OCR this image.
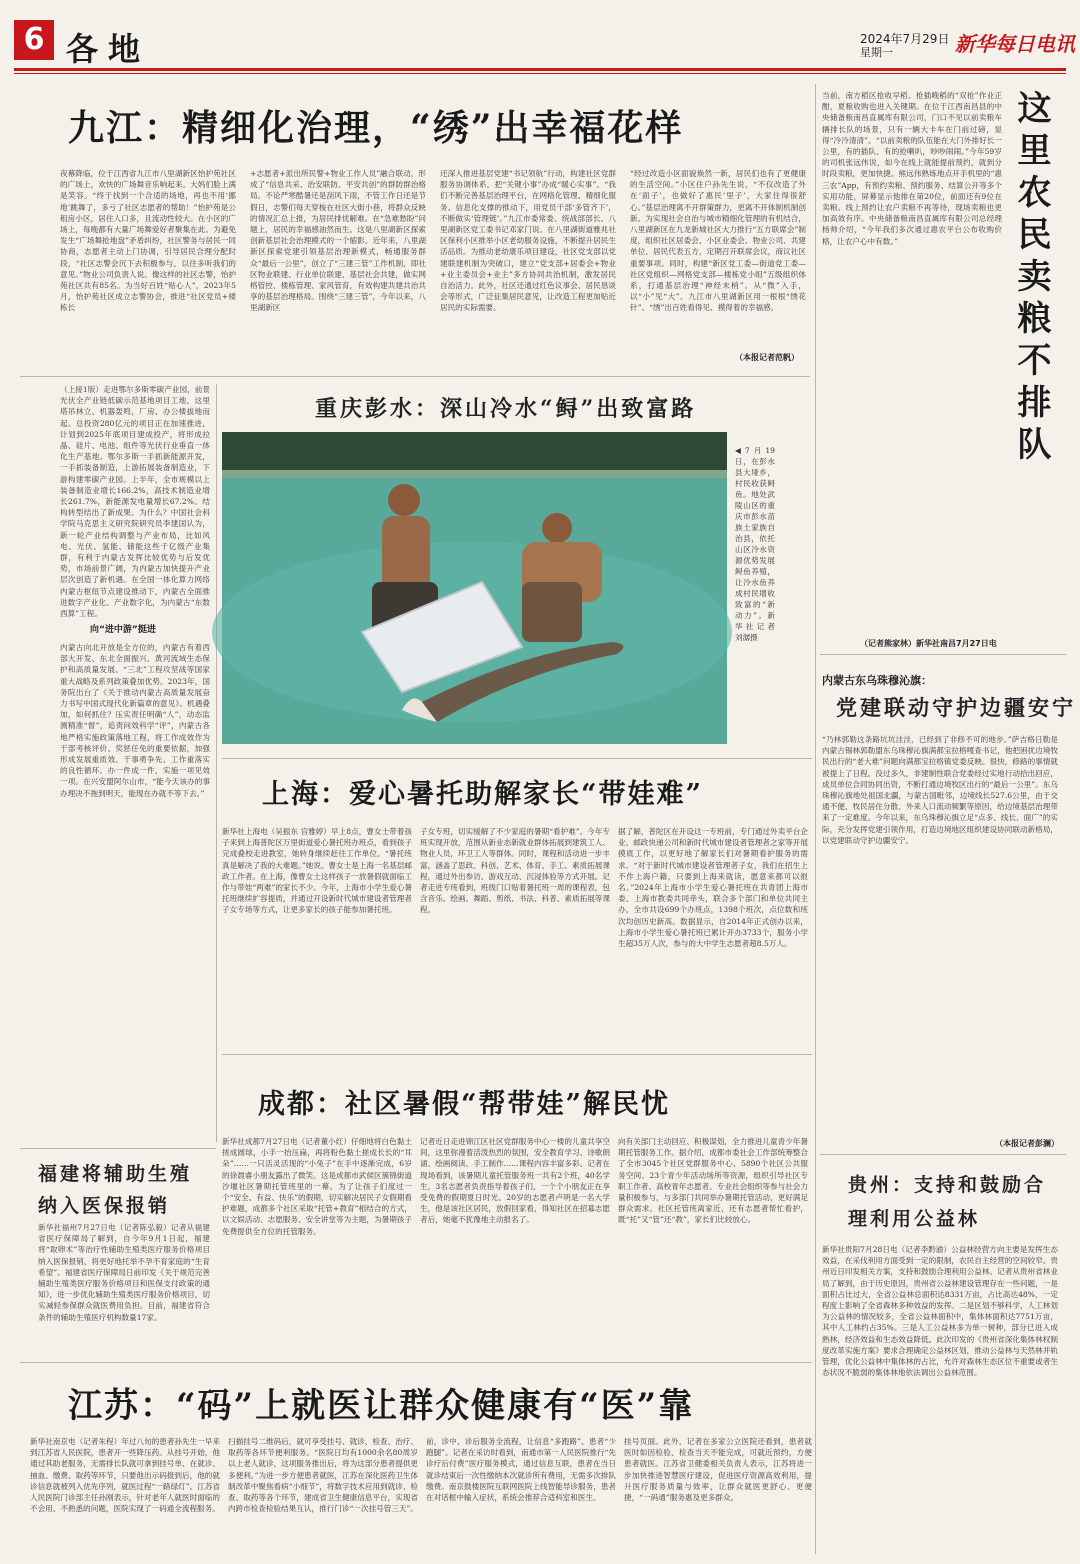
6 各地	2024年7月29日
星期一	新华每日电讯
九江：精细化治理，“绣”出幸福花样
夜幕降临，位于江西省九江市八里湖新区怡护苑社区的广场上，欢快的广场舞音乐响起来。大妈们脸上满是笑容。“终于找到一个合适的场地，再也不用‘挪地’跳舞了，多亏了社区志愿者的帮助！”怡护苑是公租房小区，居住人口多，且流动性较大。在小区的广场上，每晚都有大量广场舞爱好者聚集在此。为避免发生“广场舞抢地盘”矛盾纠纷，社区警务与居民一同协商，志愿者主动上门协调，引导居民合理分配时段，“社区志警会沉下去积极参与，以往多听我们的意见。”物业公司负责人说。像这样的社区志警，怡护苑社区共有85名。为当好百姓“贴心人”，2023年5月，怡护苑社区成立志警协会，推进“社区党员+楼栋长
+志愿者+派出所民警+物业工作人员”融合联动，形成了“信息共采、治安联防、平安共创”的群防群治格局。不论严寒酷暑还是刮风下雨，不管工作日还是节假日，志警们每天穿梭在社区大街小巷，将群众反映的情况汇总上报，为居民排忧解难。在“急难愁盼”问题上，居民的幸福感油然而生。这是八里湖新区探索创新基层社会治理模式的一个缩影。近年来，八里湖新区探索党建引领基层治理新模式，畅通服务群众“最后一公里”，创立了“三建三管”工作机制，即社区物业联建、行业单位联建、基层社会共建，做实网格管控、楼栋管理、家风管育，有效构建共建共治共享的基层治理格局。围绕“三建三管”，今年以来，八里湖新区
还深入推进基层党建“书记领航”行动，构建社区党群服务协调体系，把“关键小事”办成“暖心实事”。“我们不断完善基层治理平台，在网格化管理、精细化服务、信息化支撑的推动下，用党员干部‘多管齐下’，不断做实‘管理链’。”九江市委常委、统战部部长、八里湖新区党工委书记邓家门说。在八里湖街道雅兆社区保利小区推举小区老幼服务设施，不断提升居民生活品质。为推动老幼康乐项目建设，社区党支部以党建联建机制为突破口，建立“党支部+居委会+物业+业主委员会+业主”多方协同共治机制，激发居民自治活力。此外，社区还通过红色议事会、居民恳谈会等形式，广泛征集居民意见，让改造工程更加贴近居民的实际需要。
“经过改造小区面貌焕然一新，居民们也有了更健康的生活空间。”小区住户孙先生说，“不仅改造了外在‘面子’，也做好了惠民‘里子’，大家住得很舒心。”基层治理离不开群策群力，更离不开体制机制创新。为实现社会自治与城市精细化管理的有机结合，八里湖新区在九龙新城社区大力推行“五方联席会”制度，组织社区居委会、小区业委会、物业公司、共建单位、居民代表五方，定期召开联席会议，商议社区重要事项。同时，构建“新区党工委—街道党工委—社区党组织—网格党支部—楼栋党小组”五级组织体系，打通基层治理“神经末梢”。从“微”入手，以“小”见“大”。九江市八里湖新区用一根根“绣花针”、“绣”出百姓看得见、摸得着的幸福感。
（本报记者范帆）
（上接1版）走进鄂尔多斯零碳产业园，前景光伏全产业链低碳示范基地项目工地，这里塔吊林立、机器轰鸣，厂房、办公楼拔地而起。总投资280亿元的项目正在加速推进，计划到2025年底项目建成投产，将形成拉晶、硅片、电池、组件等光伏行业垂直一体化生产基地。鄂尔多斯一手抓新能源开发，一手抓装备制造，上游拓展装备制造业，下游构建零碳产业园。上半年，全市规模以上装备制造业增长166.2%，高技术制造业增长261.7%，新能源发电量增长67.2%。结构转型结出了新成果。为什么？中国社会科学院马克思主义研究院研究员李建国认为，新一轮产业结构调整与产业布局，比如风电、光伏、氢能、储能这些千亿级产业集群，有利于内蒙古发挥比较优势与后发优势，市场前景广阔，为内蒙古加快提升产业层次创造了新机遇。在全国一体化算力网络内蒙古枢纽节点建设推动下，内蒙古全面推进数字产业化、产业数字化，为内蒙古“东数西算”工程。
向“进中游”挺进
内蒙古向北开放是全方位的，内蒙古有着西部大开发、东北全面振兴、黄河流域生态保护和高质量发展、“三北”工程攻坚战等国家重大战略及系列政策叠加优势。2023年，国务院出台了《关于推动内蒙古高质量发展奋力书写中国式现代化新篇章的意见》。机遇叠加，如何抓住？压实责任明确“人”，动态监测精准“督”，追责问效科学“评”，内蒙古各地严格实施政策落地工程，将工作成效作为干部考核评价、奖惩任免的重要依据，加强形成发展重质效、干事勇争先、工作重落实的良性循环。办一件成一件，实施一项见效一项。在兴安盟阿尔山市，“能今天该办的事办理决不拖到明天，能现在办就不等下去。”
重庆彭水：深山冷水“鲟”出致富路
◀7月19日，在彭水县大垭乡，村民收获鲟鱼。地处武陵山区的重庆市彭水苗族土家族自治县，依托山区冷水资源优势发展鲟鱼养殖，让冷水鱼养成村民增收致富的“新动力”。新华社记者 刘潺摄
上海：爱心暑托助解家长“带娃难”
新华社上海电（吴振东 宫雅婷）早上8点，曹女士带着孩子来到上海普陀区万里街道爱心暑托班办班点，看到孩子完成叠校走进教室，她转身继续赶往工作单位。“暑托班真是解决了我的大难题。”她说。曹女士是上海一名基层邮政工作者。在上海，像曹女士这样孩子一放暑假就面临工作与带娃“两难”的家长不少。今年，上海市小学生爱心暑托班继续扩容提质，并通过开设新时代城市建设者管理者子女专场等方式，让更多家长的孩子能参加暑托班。
子女专班，切实缓解了不少家庭的暑期“看护难”。今年专班实现开放，范围从新业态新就业群体拓展到建筑工人、物业人员，环卫工人等群体。同时，课程和活动进一步丰富，涵盖了思政、科创、艺术、体育、手工、素质拓展课程，通过外出参访、游戏互动、沉浸体验等方式开展。记者走进专班看到，班级门口贴着暑托班一周的课程表，包含音乐、绘画、舞蹈、剪纸、书法、科普、素质拓展等课程。
据了解，普陀区在开设这一专班前，专门通过外卖平台企业、邮政快递公司和新时代城市建设者管理者之家等开展摸底工作，以更好地了解家长们对暑期看护服务的需求。“对于新时代城市建设者管理者子女，我们在招生上不作上海户籍，只要到上海来就读，愿意来都可以报名。”2024年上海市小学生爱心暑托班在共青团上海市委、上海市教委共同牵头，联合多个部门和单位共同主办，全市共设699个办班点，1398个班次，点位数和班次均创历史新高。数据显示，自2014年正式创办以来，上海市小学生爱心暑托班已累计开办3733个，服务小学生超35万人次，参与的大中学生志愿者超8.5万人。
成都：社区暑假“帮带娃”解民忧
新华社成都7月27日电（记者董小红）仔细地将白色黏土搓成圆球，小手一抬压扁，再将粉色黏土搓成长长的“耳朵”……一只活灵活现的“小兔子”在手中逐渐完成，6岁的徐晨睿小朋友露出了微笑。这是成都市武侯区簇锦街道沙堰社区暑期托管班里的一幕。为了让孩子们度过一个“安全、有益、快乐”的假期，切实解决居民子女假期看护难题，成都多个社区采取“托管+教育”相结合的方式，以文娱活动、志愿服务、安全讲堂等为主题，为暑期孩子免费提供全方位的托管服务。
记者近日走进锦江区社区党群服务中心一楼的儿童共享空间，这里弥漫着活泼热烈的氛围，安全教育学习、诗歌朗诵、绘画阅读、手工制作……课程内容丰富多彩。记者在现场看到，该暑期儿童托管服务班一共有2个班，40名学生，3名志愿者负责指导着孩子们，一个个小朋友正在享受免费的假期夏日时光。20岁的志愿者卢明是一名大学生，他是该社区居民，放假回家看，得知社区在招募志愿者后，她毫不犹豫地主动报名了。
向有关部门主动回应、积极谋划，全力推进儿童青少年暑期托管服务工作。据介绍，成都市委社会工作部统筹整合了全市3045个社区党群服务中心、5890个社区公共服务空间、23个青少年活动场所等资源，组织引导社区专职工作者、高校青年志愿者、专业社会组织等参与社会力量积极参与，与多部门共同举办暑期托管活动，更好满足群众需求。社区托管班离家近，还有志愿者帮忙看护，既“托”又“管”还“教”，家长们比较放心。
福建将辅助生殖纳入医保报销
新华社福州7月27日电（记者陈弘毅）记者从福建省医疗保障局了解到，自今年9月1日起，福建将“取卵术”等治疗性辅助生殖类医疗服务价格项目纳入医保报销，将更好地托举不孕不育家庭的“生育希望”。福建省医疗保障局日前印发《关于规范完善辅助生殖类医疗服务价格项目和医保支付政策的通知》，进一步优化辅助生殖类医疗服务价格项目，切实减轻参保群众就医费用负担。目前，福建省符合条件的辅助生殖医疗机构数量17家。
江苏：“码”上就医让群众健康有“医”靠
新华社南京电（记者朱程）年过八旬的患者孙先生一早来到江苏省人民医院，患者开一些降压药。从挂号开始，他通过其助老服务，无需排长队就可拿到挂号单、在就诊、抽血、缴费、取药等环节，只要他出示码报到后，他的就诊信息就被列入优先序列，就医过程“一路绿灯”。江苏省人民医院门诊部主任孙刚表示，针对老年人就医时面临的不会用、不熟悉的问题，医院实现了一码通全流程服务。
扫描挂号二维码后，就可享受挂号、就诊、检查、治疗、取药等各环节便利服务。“医院日均有1000余名80周岁以上老人就诊，这项服务推出后，将为这部分患者提供更多便利。”为进一步方便患者就医，江苏在深化医药卫生体制改革中聚焦看病“小细节”，将数字技术应用到就诊、检查、取药等各个环节，建成省卫生健康信息平台，实现省内跨市检查检验结果互认，推行门诊“一次挂号管三天”。
前，诊中、诊后服务全流程，让信息“多跑路”、患者“少跑腿”。记者在采访时看到，南通市第一人民医院推行“先诊疗后付费”医疗服务模式，通过信息互联，患者在当日就诊结束后一次性缴纳本次就诊所有费用，无需多次排队缴费。南京鼓楼医院互联网医院上线智能导诊服务，患者在对话框中输入症状，系统会推荐合适科室和医生。
挂号页面。此外，记者在多家公立医院还看到，患者就医时如因检验、检查当天不能完成，可就近预约，方便患者就医。江苏省卫健委相关负责人表示，江苏将进一步加快推进智慧医疗建设，促进医疗资源高效利用，提升医疗服务质量与效率，让群众就医更舒心、更便捷，“一码通”服务惠及更多群众。
这里农民卖粮不排队
当前，南方稻区抢收早稻、抢插晚稻的“双抢”作业正酣，夏粮收购也进入关键期。在位于江西南昌县的中央储备粮南昌直属库有限公司，门口不见以前卖粮车辆排长队的场景，只有一辆大卡车在门前过磅，显得“冷冷清清”。“以前卖粮的队伍能在大门外排好长一公里，有的插队、有的抢喇叭，吵吵闹闹。”今年59岁的司机张远伟说，如今在线上就能提前预约，就到分时段卖粮，更加快捷。熊远伟熟练地点开手机里的“惠三农”App，有预约卖粮、预约服务、结算公开等多个实用功能，屏幕显示他排在第20位，前面还有9位在卖粮。线上预约让农户卖粮不再等待，现场卖粮也更加高效有序。中央储备粮南昌直属库有限公司总经理杨帅介绍，“今年我们多次通过惠农平台公布收购价格，让农户心中有数。”
（记者熊家林）新华社南昌7月27日电
内蒙古东乌珠穆沁旗：
党建联动守护边疆安宁
“乃林郭勒这条路坑坑洼洼，已经到了非修不可的地步。”萨吉格日勒是内蒙古锡林郭勒盟东乌珠穆沁旗满都宝拉格嘎查书记，他把困扰边境牧民出行的“老大难”问题向满都宝拉格镇党委反映。很快，修路的事情就被提上了日程。没过多久，非建制性联合党委经过实地行动拾出回应，成员单位合同协同出资，不断打通边境牧区出行的“最后一公里”。东乌珠穆沁旗地处祖国北疆，与蒙古国毗邻，边境线长527.6公里，由于交通不便、牧民居住分散、外来人口流动频繁等原因，给边境基层治理带来了一定难度。今年以来，东乌珠穆沁旗立足“点多、线长、面广”的实际，充分发挥党建引领作用，打造边境地区组织建设协同联动新格局，以党建联动守护边疆安宁。
（本报记者彭澜）
贵州：支持和鼓励合理利用公益林
新华社贵阳7月28日电（记者李黔渝）公益林经营方向主要是发挥生态效益，在采伐利用方面受到一定的限制，农民自主经营的空间较窄。贵州近日印发相关方案，支持和鼓励合理利用公益林。记者从贵州省林业局了解到，由于历史原因，贵州省公益林建设管理存在一些问题，一是面积占比过大，全省公益林总面积达8331万亩，占比高达48%，一定程度上影响了全省森林多种效益的发挥。二是区划不够科学，人工林划为公益林的情况较多，全省公益林面积中，集体林面积达7751万亩，其中人工林约占35%。三是人工公益林多为单一树种，部分已进入成熟林，经济效益和生态效益降低。此次印发的《贵州省深化集体林权制度改革实施方案》要求合理确定公益林区划，推动公益林与天然林并轨管理，优化公益林中集体林的占比，允许对森林生态区位不重要或者生态状况不脆弱的集体林地依法调出公益林范围。
